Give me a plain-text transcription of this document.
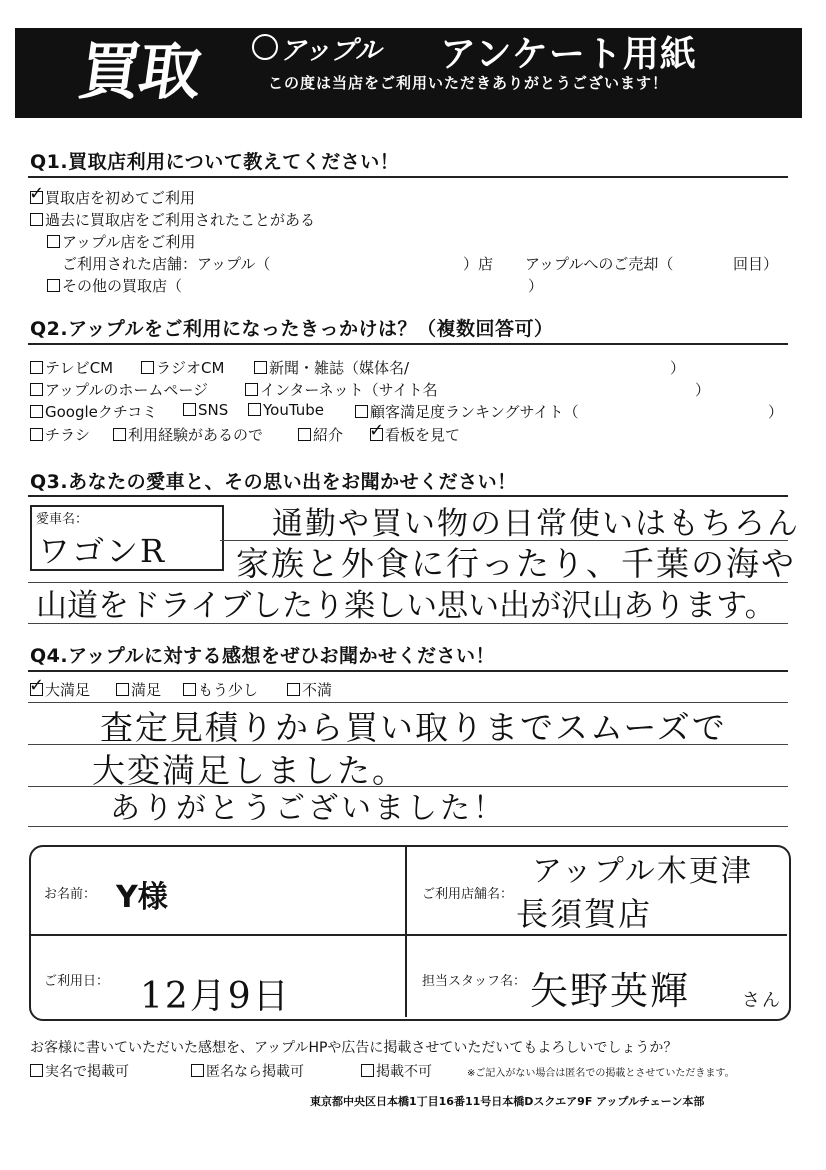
買取	アップル アンケート用紙
この度は当店をご利用いただきありがとうございます！
Q1.買取店利用について教えてください！
✓買取店を初めてご利用
過去に買取店をご利用されたことがある
アップル店をご利用
ご利用された店舗：アップル（	）店 アップルへのご売却（	回目）
その他の買取店（	）
Q2.アップルをご利用になったきっかけは？（複数回答可）
テレビCM	ラジオCM	新聞・雑誌（媒体名/	）
アップルのホームページ	インターネット（サイト名	）
Googleクチコミ	SNS	YouTube	顧客満足度ランキングサイト（	）
チラシ	利用経験があるので	紹介
✓	看板を見て
Q3.あなたの愛車と、その思い出をお聞かせください！
愛車名：
ワゴンR
通勤や買い物の日常使いはもちろん
家族と外食に行ったり、千葉の海や
山道をドライブしたり楽しい思い出が沢山あります。
Q4.アップルに対する感想をぜひお聞かせください！
✓大満足	満足	もう少し	不満
査定見積りから買い取りまでスムーズで
大変満足しました。
ありがとうございました！
お名前： Y様	ご利用店舗名：
アップル木更津
長須賀店
ご利用日： 12月9日	担当スタッフ名： 矢野英輝	さん
お客様に書いていただいた感想を、アップルHPや広告に掲載させていただいてもよろしいでしょうか？
実名で掲載可	匿名なら掲載可	掲載不可	※ご記入がない場合は匿名での掲載とさせていただきます。
東京都中央区日本橋1丁目16番11号日本橋Dスクエア9F アップルチェーン本部
